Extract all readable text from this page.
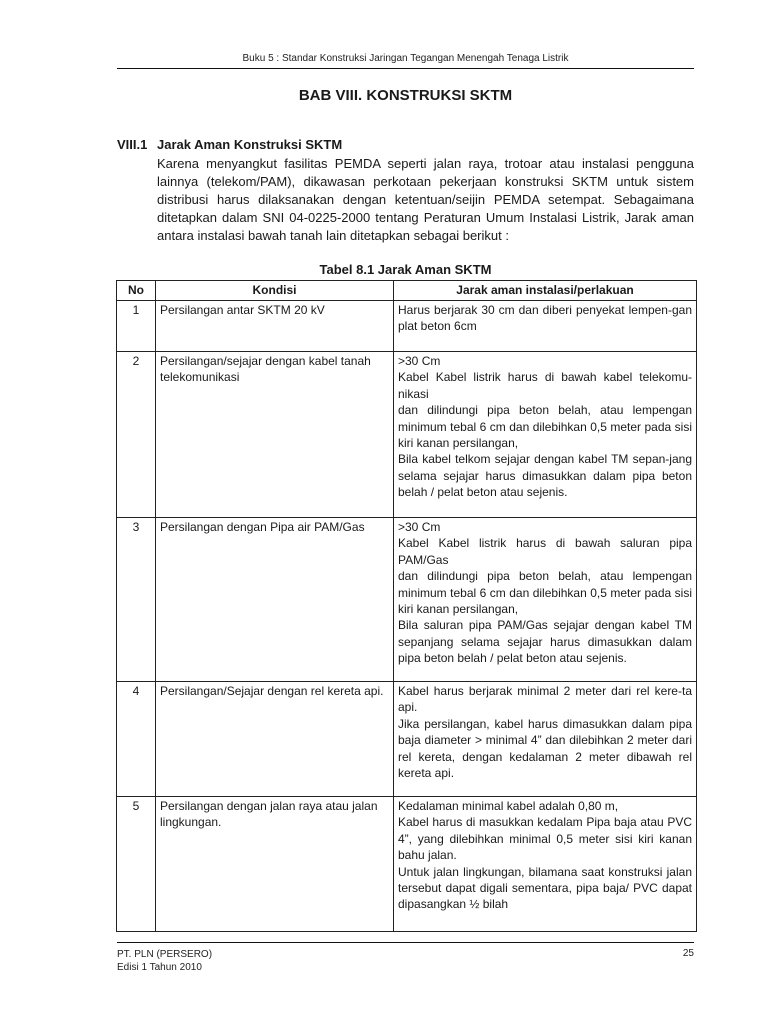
Buku 5 : Standar Konstruksi Jaringan Tegangan Menengah Tenaga Listrik
BAB VIII. KONSTRUKSI SKTM
VIII.1 Jarak Aman Konstruksi SKTM

Karena menyangkut fasilitas PEMDA seperti jalan raya, trotoar atau instalasi pengguna lainnya (telekom/PAM), dikawasan perkotaan pekerjaan konstruksi SKTM untuk sistem distribusi harus dilaksanakan dengan ketentuan/seijin PEMDA setempat. Sebagaimana ditetapkan dalam SNI 04-0225-2000 tentang Peraturan Umum Instalasi Listrik, Jarak aman antara instalasi bawah tanah lain ditetapkan sebagai berikut :

Tabel 8.1 Jarak Aman SKTM
No	Kondisi	Jarak aman instalasi/perlakuan
1	Persilangan antar SKTM 20 kV	Harus berjarak 30 cm dan diberi penyekat lempen-gan plat beton 6cm

2	Persilangan/sejajar dengan kabel tanah telekomunikasi	>30 Cm
Kabel Kabel listrik harus di bawah kabel telekomu-nikasi
dan dilindungi pipa beton belah, atau lempengan minimum tebal 6 cm dan dilebihkan 0,5 meter pada sisi kiri kanan persilangan,
Bila kabel telkom sejajar dengan kabel TM sepan-jang selama sejajar harus dimasukkan dalam pipa beton belah / pelat beton atau sejenis.

3	Persilangan dengan Pipa air PAM/Gas	>30 Cm
Kabel Kabel listrik harus di bawah saluran pipa PAM/Gas
dan dilindungi pipa beton belah, atau lempengan minimum tebal 6 cm dan dilebihkan 0,5 meter pada sisi kiri kanan persilangan,
Bila saluran pipa PAM/Gas sejajar dengan kabel TM sepanjang selama sejajar harus dimasukkan dalam pipa beton belah / pelat beton atau sejenis.

4	Persilangan/Sejajar dengan rel kereta api.	Kabel harus berjarak minimal 2 meter dari rel kere-ta api.
Jika persilangan, kabel harus dimasukkan dalam pipa baja diameter > minimal 4” dan dilebihkan 2 meter dari rel kereta, dengan kedalaman 2 meter dibawah rel kereta api.

5	Persilangan dengan jalan raya atau jalan lingkungan.	Kedalaman minimal kabel adalah 0,80 m,
Kabel harus di masukkan kedalam Pipa baja atau PVC 4”, yang dilebihkan minimal 0,5 meter sisi kiri kanan bahu jalan.
Untuk jalan lingkungan, bilamana saat konstruksi jalan tersebut dapat digali sementara, pipa baja/ PVC dapat dipasangkan ½ bilah
PT. PLN (PERSERO)
Edisi 1 Tahun 2010
25
